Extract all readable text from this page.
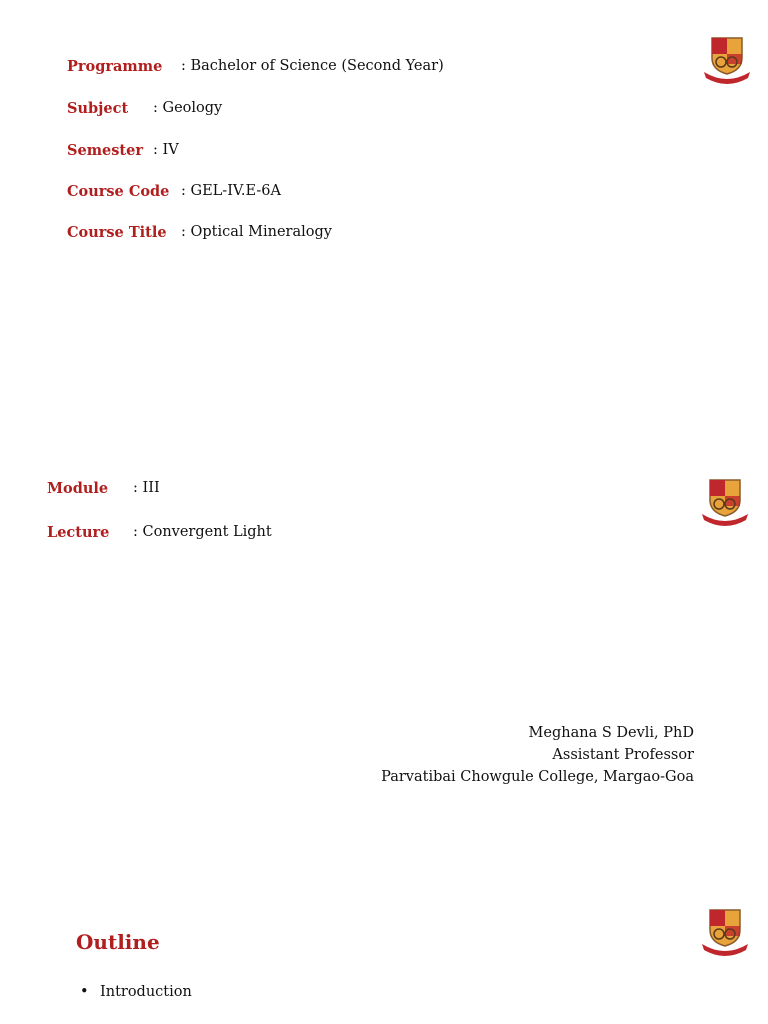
Programme : Bachelor of Science (Second Year)
Subject : Geology
Semester : IV
Course Code : GEL-IV.E-6A
Course Title : Optical Mineralogy
Module : III
Lecture : Convergent Light
Meghana S Devli, PhD
Assistant Professor
Parvatibai Chowgule College, Margao-Goa
Outline
• Introduction
